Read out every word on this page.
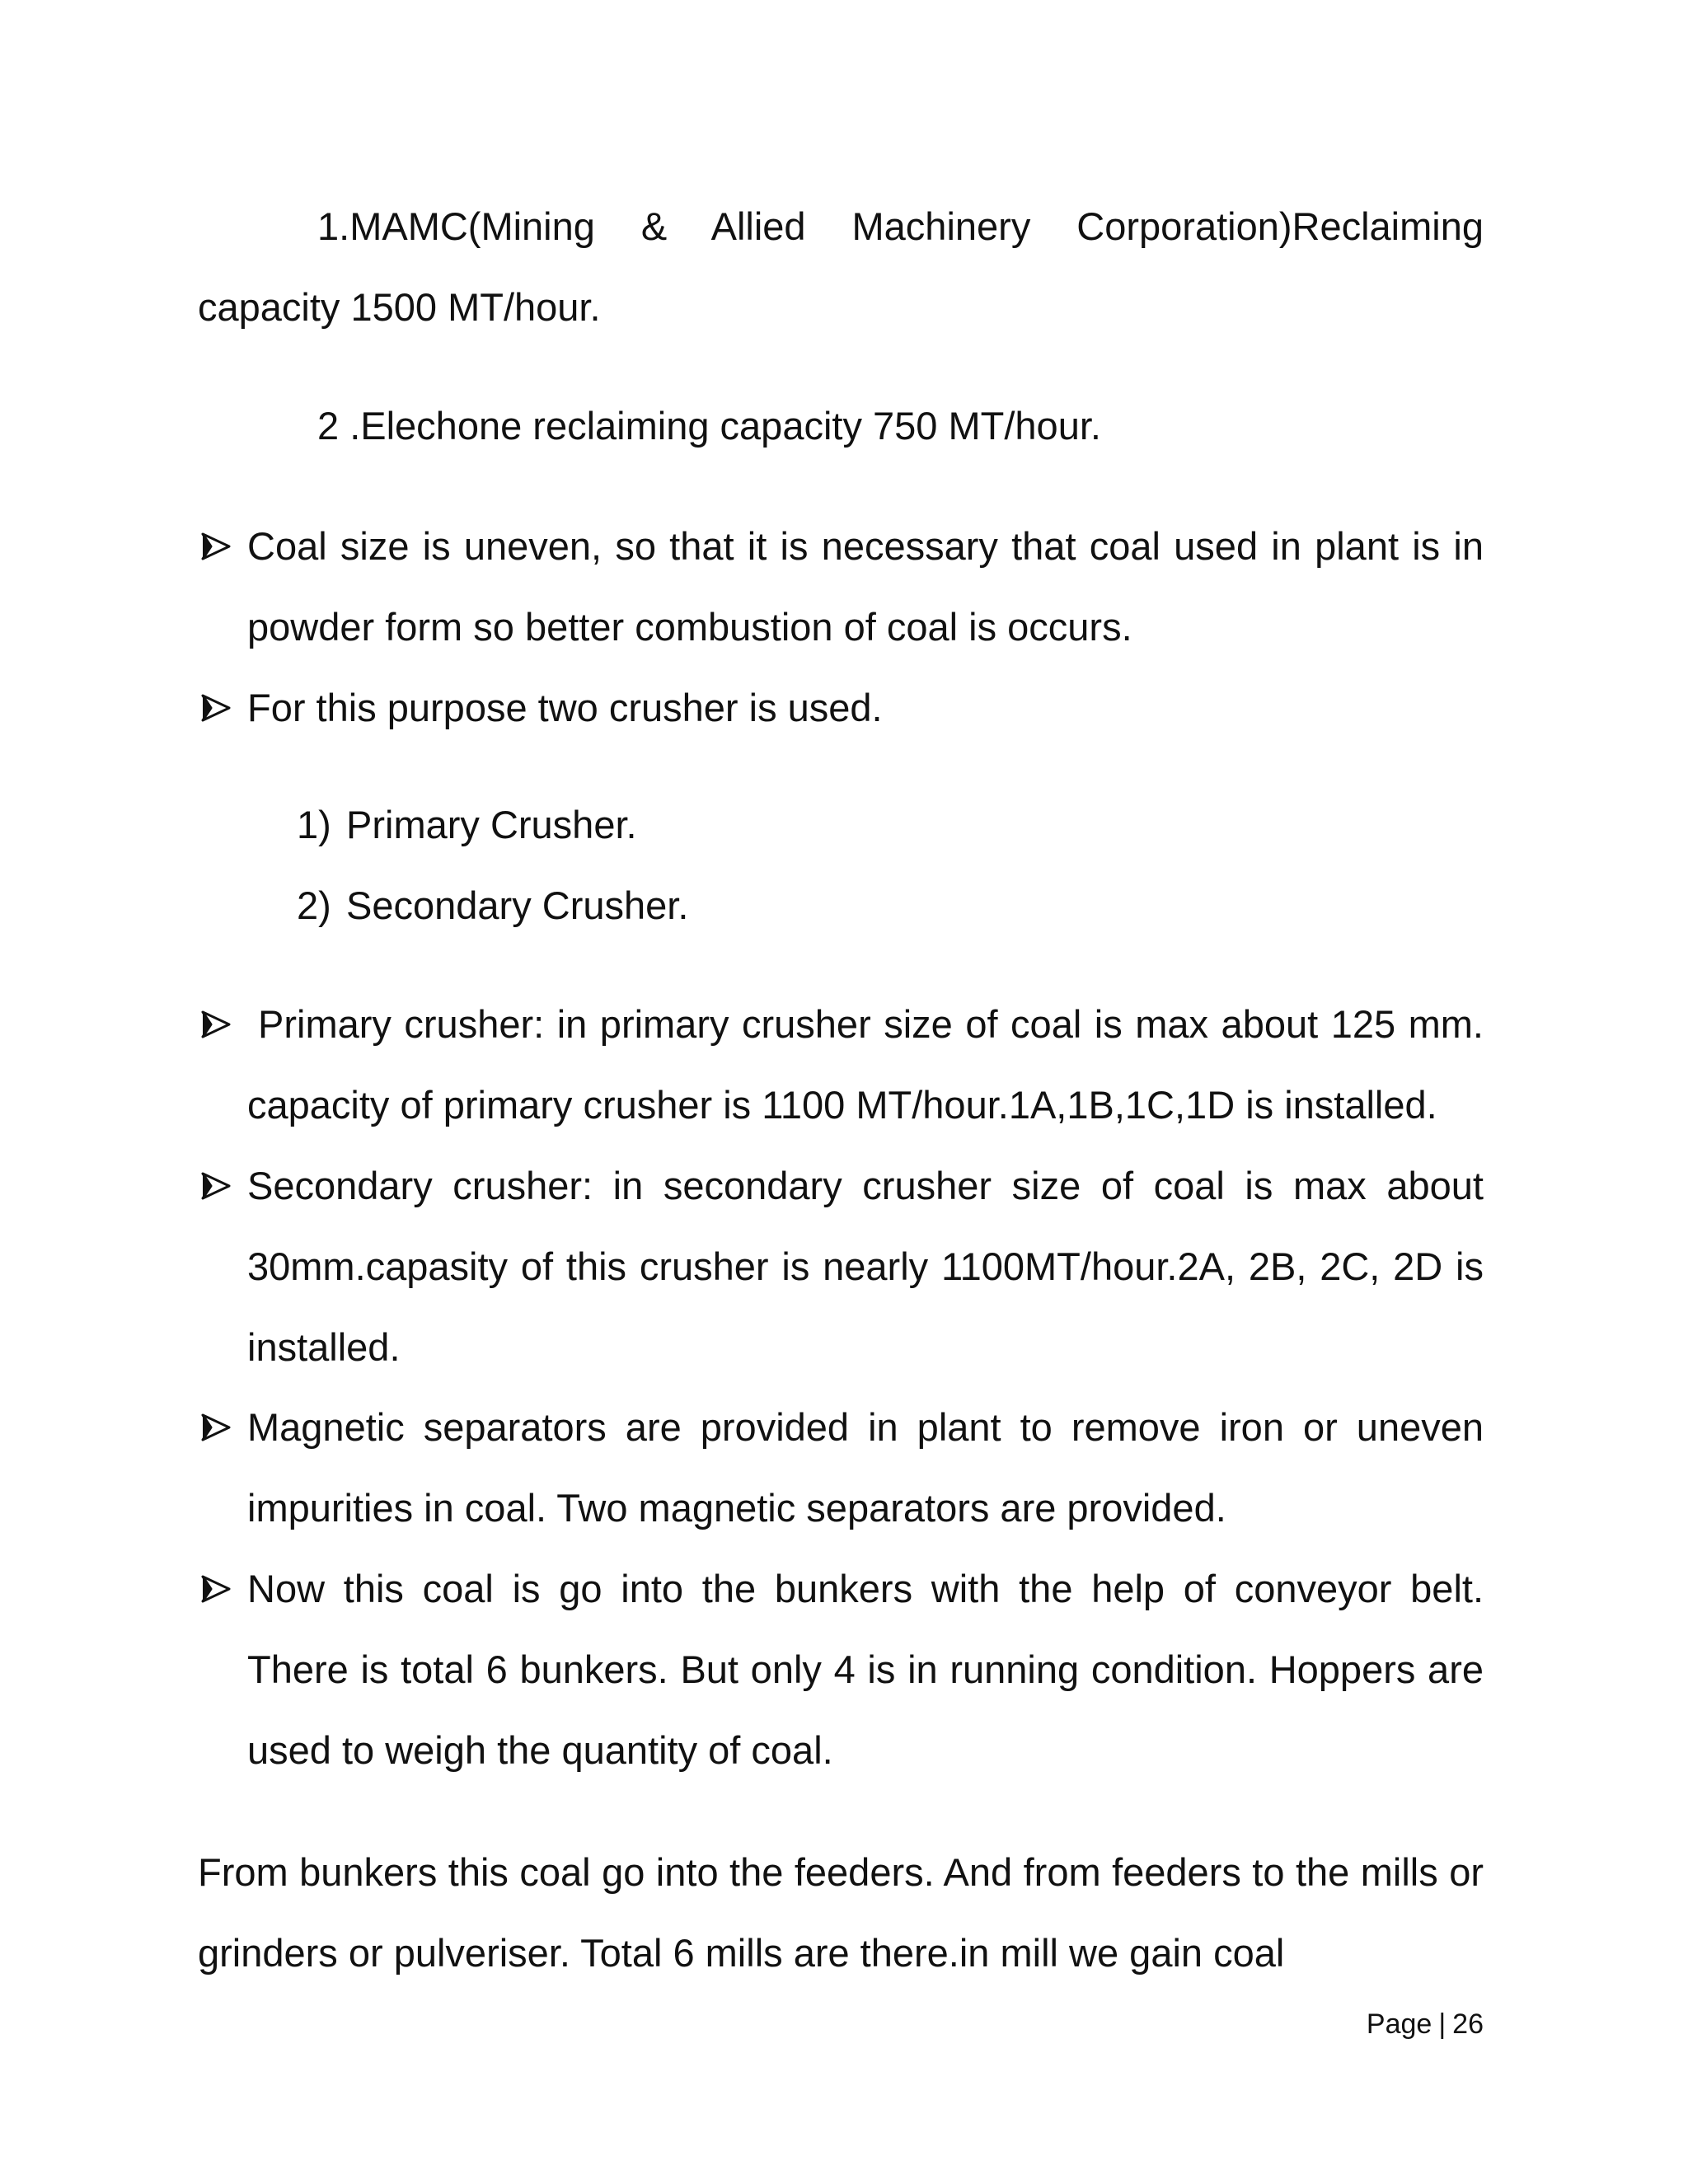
1.MAMC(Mining & Allied Machinery Corporation)Reclaiming capacity 1500 MT/hour.

2 .Elechone reclaiming capacity 750 MT/hour.

Coal size is uneven, so that it is necessary that coal used in plant is in powder form so better combustion of coal is occurs.
For this purpose two crusher is used.
1) Primary Crusher.
2) Secondary Crusher.
Primary crusher: in primary crusher size of coal is max about 125 mm. capacity of primary crusher is 1100 MT/hour.1A,1B,1C,1D is installed.
Secondary crusher: in secondary crusher size of coal is max about 30mm.capasity of this crusher is nearly 1100MT/hour.2A, 2B, 2C, 2D is installed.
Magnetic separators are provided in plant to remove iron or uneven impurities in coal. Two magnetic separators are provided.
Now this coal is go into the bunkers with the help of conveyor belt. There is total 6 bunkers. But only 4 is in running condition. Hoppers are used to weigh the quantity of coal.

From bunkers this coal go into the feeders. And from feeders to the mills or grinders or pulveriser. Total 6 mills are there.in mill we gain coal

Page | 26
